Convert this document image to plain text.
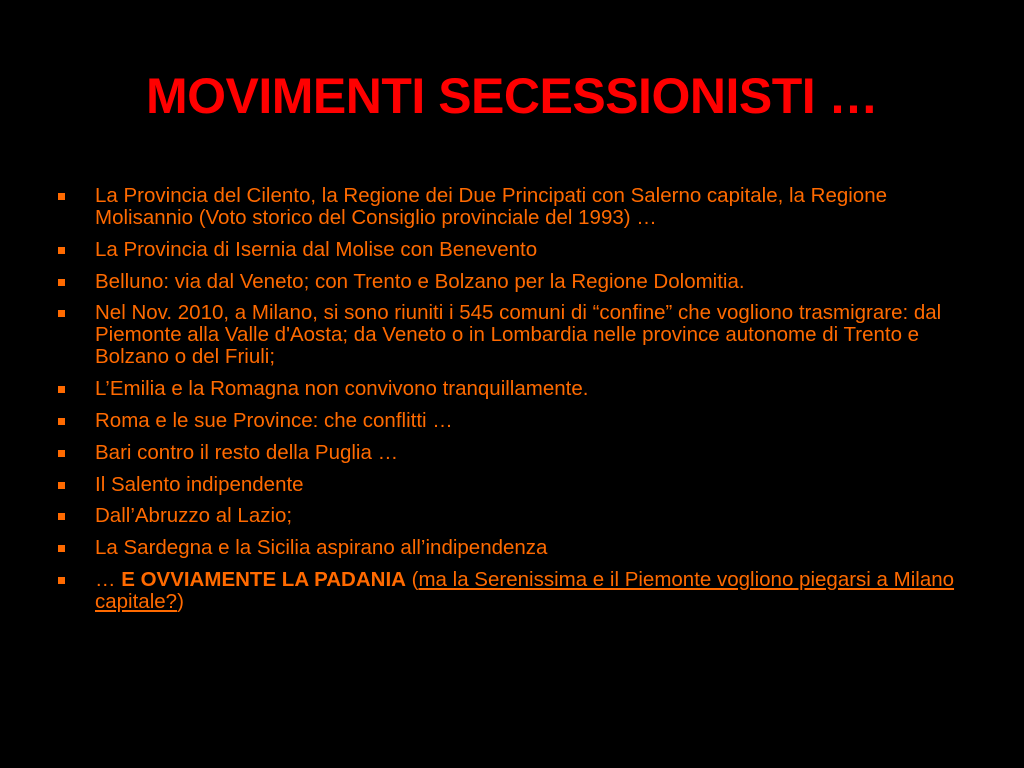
MOVIMENTI SECESSIONISTI …
La Provincia del Cilento, la Regione dei Due Principati con Salerno capitale, la Regione Molisannio (Voto storico del Consiglio provinciale del 1993) …
La Provincia di Isernia dal Molise con Benevento
Belluno: via dal Veneto; con Trento e Bolzano per la Regione Dolomitia.
Nel Nov. 2010, a Milano, si sono riuniti i 545 comuni di “confine” che vogliono trasmigrare: dal Piemonte alla Valle d'Aosta; da Veneto o in Lombardia nelle province autonome di Trento e Bolzano o del Friuli;
L’Emilia e la Romagna non convivono tranquillamente.
Roma e le sue Province: che conflitti …
Bari contro il resto della Puglia …
Il Salento indipendente
Dall’Abruzzo al Lazio;
La Sardegna e la Sicilia aspirano all’indipendenza
… E OVVIAMENTE LA PADANIA (ma la Serenissima e il Piemonte vogliono piegarsi a Milano capitale?)
